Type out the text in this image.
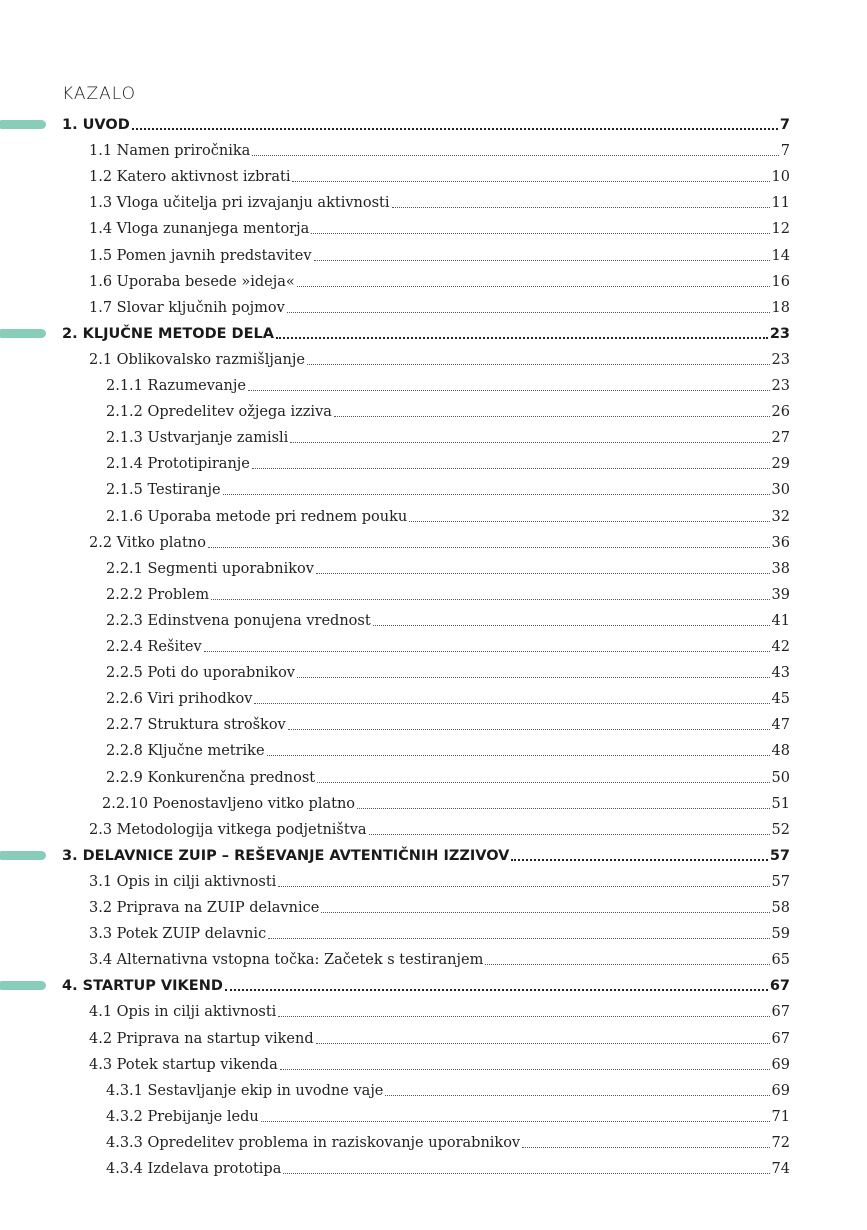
KAZALO
1. UVOD	7
1.1 Namen priročnika	7
1.2 Katero aktivnost izbrati	10
1.3 Vloga učitelja pri izvajanju aktivnosti	11
1.4 Vloga zunanjega mentorja	12
1.5 Pomen javnih predstavitev	14
1.6 Uporaba besede »ideja«	16
1.7 Slovar ključnih pojmov	18
2. KLJUČNE METODE DELA	23
2.1 Oblikovalsko razmišljanje	23
2.1.1 Razumevanje	23
2.1.2 Opredelitev ožjega izziva	26
2.1.3 Ustvarjanje zamisli	27
2.1.4 Prototipiranje	29
2.1.5 Testiranje	30
2.1.6 Uporaba metode pri rednem pouku	32
2.2 Vitko platno	36
2.2.1 Segmenti uporabnikov	38
2.2.2 Problem	39
2.2.3 Edinstvena ponujena vrednost	41
2.2.4 Rešitev	42
2.2.5 Poti do uporabnikov	43
2.2.6 Viri prihodkov	45
2.2.7 Struktura stroškov	47
2.2.8 Ključne metrike	48
2.2.9 Konkurenčna prednost	50
2.2.10 Poenostavljeno vitko platno	51
2.3 Metodologija vitkega podjetništva	52
3. DELAVNICE ZUIP – REŠEVANJE AVTENTIČNIH IZZIVOV	57
3.1 Opis in cilji aktivnosti	57
3.2 Priprava na ZUIP delavnice	58
3.3 Potek ZUIP delavnic	59
3.4 Alternativna vstopna točka: Začetek s testiranjem	65
4. STARTUP VIKEND	67
4.1 Opis in cilji aktivnosti	67
4.2 Priprava na startup vikend	67
4.3 Potek startup vikenda	69
4.3.1 Sestavljanje ekip in uvodne vaje	69
4.3.2 Prebijanje ledu	71
4.3.3 Opredelitev problema in raziskovanje uporabnikov	72
4.3.4 Izdelava prototipa	74
